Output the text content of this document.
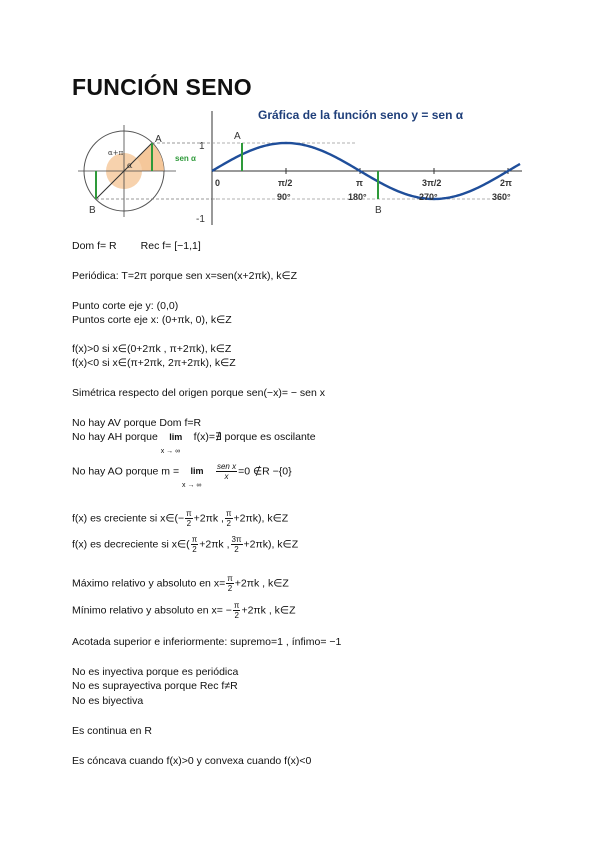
FUNCIÓN SENO
α
α+π
A
B
sen α
Gráfica de la función seno y = sen α
1
-1
0
A
B
π/2	π	3π/2	2π
90°	180°	270°	360°
Dom f= R Rec f= [−1,1]
Periódica: T=2π porque sen x=sen(x+2πk), k∈Z
Punto corte eje y: (0,0)
Puntos corte eje x: (0+πk, 0), k∈Z
f(x)>0 si x∈(0+2πk , π+2πk), k∈Z
f(x)<0 si x∈(π+2πk, 2π+2πk), k∈Z
Simétrica respecto del origen porque sen(−x)= − sen x
No hay AV porque Dom f=R
No hay AH porque lim
x → ∞
f(x)=∄ porque es oscilante
No hay AO porque m = lim
x → ∞

$\frac{\text{sen x}}{x} =0$ ∉R −{0}
f(x) es creciente si x∈(− $\frac{\pi}{2} +2\pi k$ , $\frac{\pi}{2} +2\pi k$), k∈Z
f(x) es decreciente si x∈( $\frac{\pi}{2} +2\pi k$ , $\frac{3\pi}{2} +2\pi k$), k∈Z
Máximo relativo y absoluto en $x= \frac{\pi}{2} +2\pi k$ , k∈Z
Mínimo relativo y absoluto en $x= - \frac{\pi}{2} +2\pi k$ , k∈Z
Acotada superior e inferiormente: supremo=1 , ínfimo= −1
No es inyectiva porque es periódica
No es suprayectiva porque Rec f≠R
No es biyectiva
Es continua en R
Es cóncava cuando f(x)>0 y convexa cuando f(x)<0
